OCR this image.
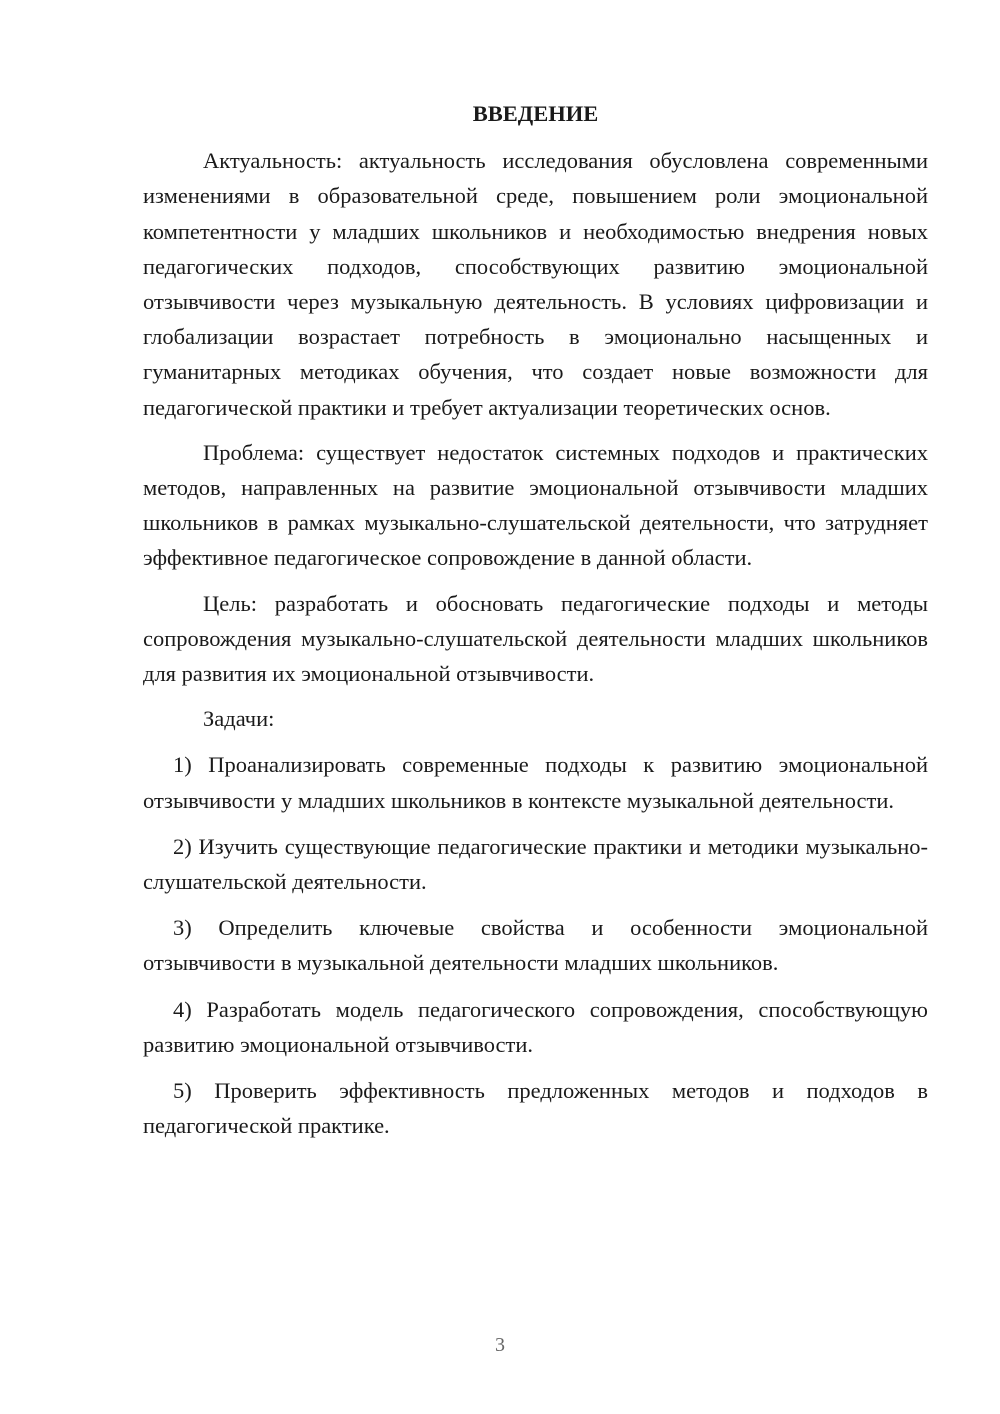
ВВЕДЕНИЕ

Актуальность: актуальность исследования обусловлена современными изменениями в образовательной среде, повышением роли эмоциональной компетентности у младших школьников и необходимостью внедрения новых педагогических подходов, способствующих развитию эмоциональной отзывчивости через музыкальную деятельность. В условиях цифровизации и глобализации возрастает потребность в эмоционально насыщенных и гуманитарных методиках обучения, что создает новые возможности для педагогической практики и требует актуализации теоретических основ.

Проблема: существует недостаток системных подходов и практических методов, направленных на развитие эмоциональной отзывчивости младших школьников в рамках музыкально-слушательской деятельности, что затрудняет эффективное педагогическое сопровождение в данной области.

Цель: разработать и обосновать педагогические подходы и методы сопровождения музыкально-слушательской деятельности младших школьников для развития их эмоциональной отзывчивости.

Задачи:

1) Проанализировать современные подходы к развитию эмоциональной отзывчивости у младших школьников в контексте музыкальной деятельности.

2) Изучить существующие педагогические практики и методики музыкально-слушательской деятельности.

3) Определить ключевые свойства и особенности эмоциональной отзывчивости в музыкальной деятельности младших школьников.

4) Разработать модель педагогического сопровождения, способствующую развитию эмоциональной отзывчивости.

5) Проверить эффективность предложенных методов и подходов в педагогической практике.

3
